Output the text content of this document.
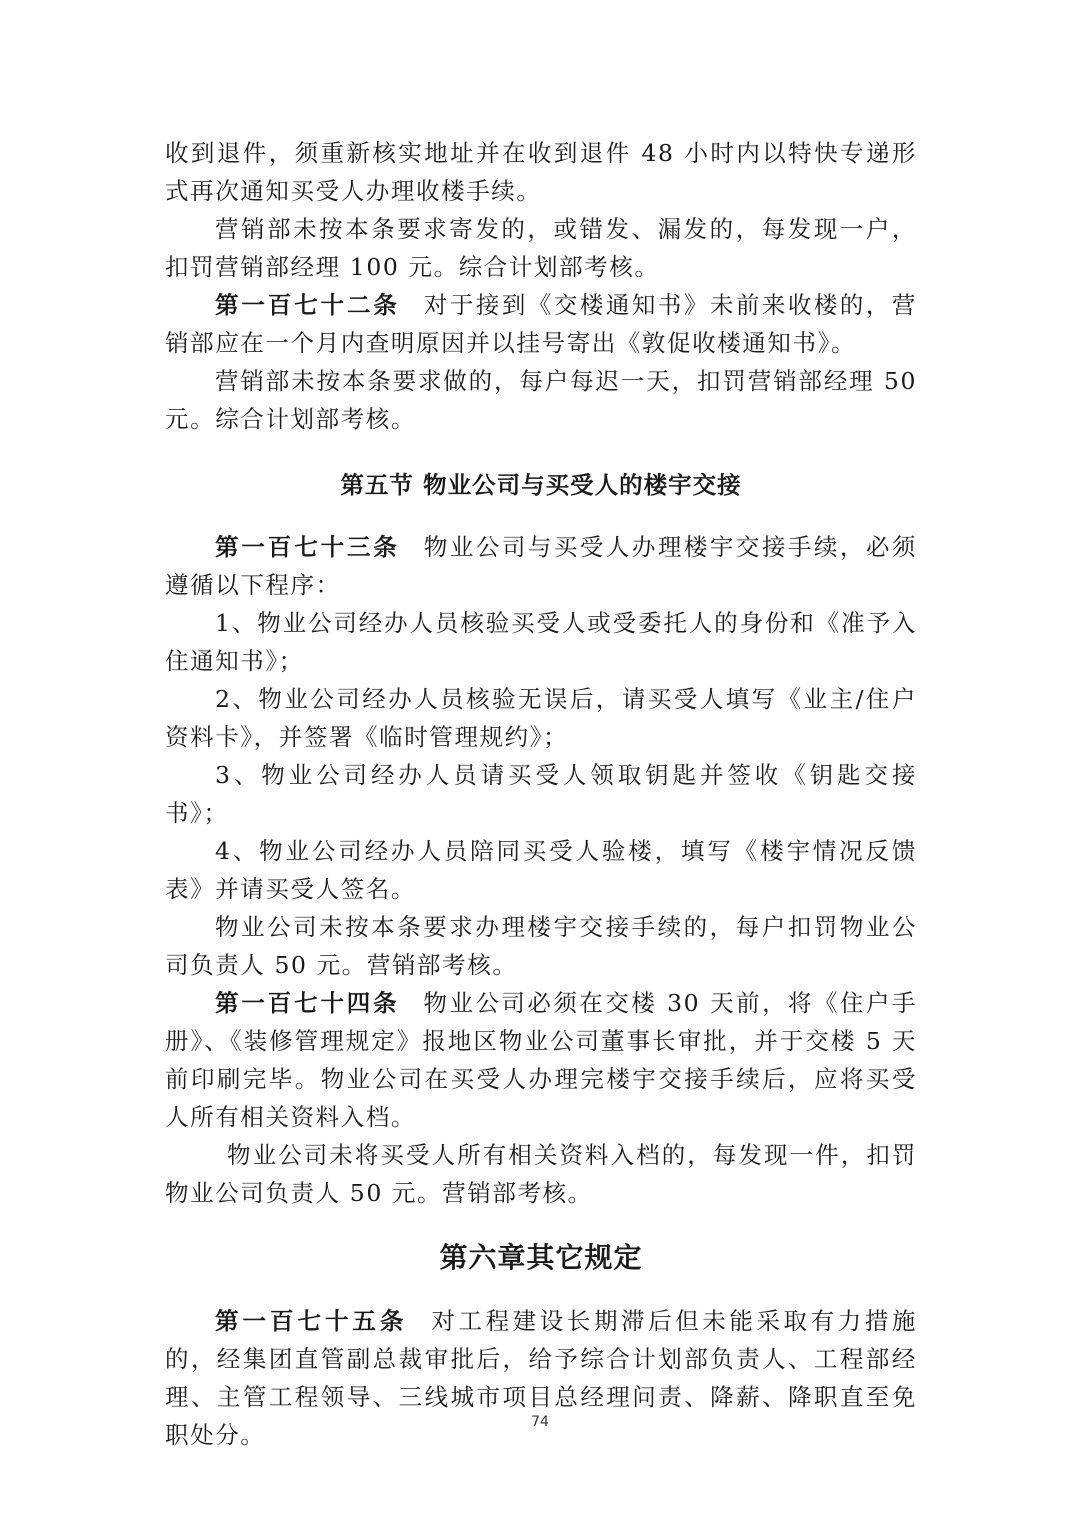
收到退件，须重新核实地址并在收到退件 48 小时内以特快专递形式再次通知买受人办理收楼手续。

营销部未按本条要求寄发的，或错发、漏发的，每发现一户，扣罚营销部经理 100 元。综合计划部考核。

第一百七十二条 对于接到《交楼通知书》未前来收楼的，营销部应在一个月内查明原因并以挂号寄出《敦促收楼通知书》。

营销部未按本条要求做的，每户每迟一天，扣罚营销部经理 50 元。综合计划部考核。

第五节 物业公司与买受人的楼宇交接

第一百七十三条 物业公司与买受人办理楼宇交接手续，必须遵循以下程序：

1、物业公司经办人员核验买受人或受委托人的身份和《准予入住通知书》；

2、物业公司经办人员核验无误后，请买受人填写《业主/住户资料卡》，并签署《临时管理规约》；

3、物业公司经办人员请买受人领取钥匙并签收《钥匙交接书》；

4、物业公司经办人员陪同买受人验楼，填写《楼宇情况反馈表》并请买受人签名。

物业公司未按本条要求办理楼宇交接手续的，每户扣罚物业公司负责人 50 元。营销部考核。

第一百七十四条 物业公司必须在交楼 30 天前，将《住户手册》、《装修管理规定》报地区物业公司董事长审批，并于交楼 5 天前印刷完毕。物业公司在买受人办理完楼宇交接手续后，应将买受人所有相关资料入档。

物业公司未将买受人所有相关资料入档的，每发现一件，扣罚物业公司负责人 50 元。营销部考核。

第六章其它规定

第一百七十五条 对工程建设长期滞后但未能采取有力措施的，经集团直管副总裁审批后，给予综合计划部负责人、工程部经理、主管工程领导、三线城市项目总经理问责、降薪、降职直至免职处分。	74
